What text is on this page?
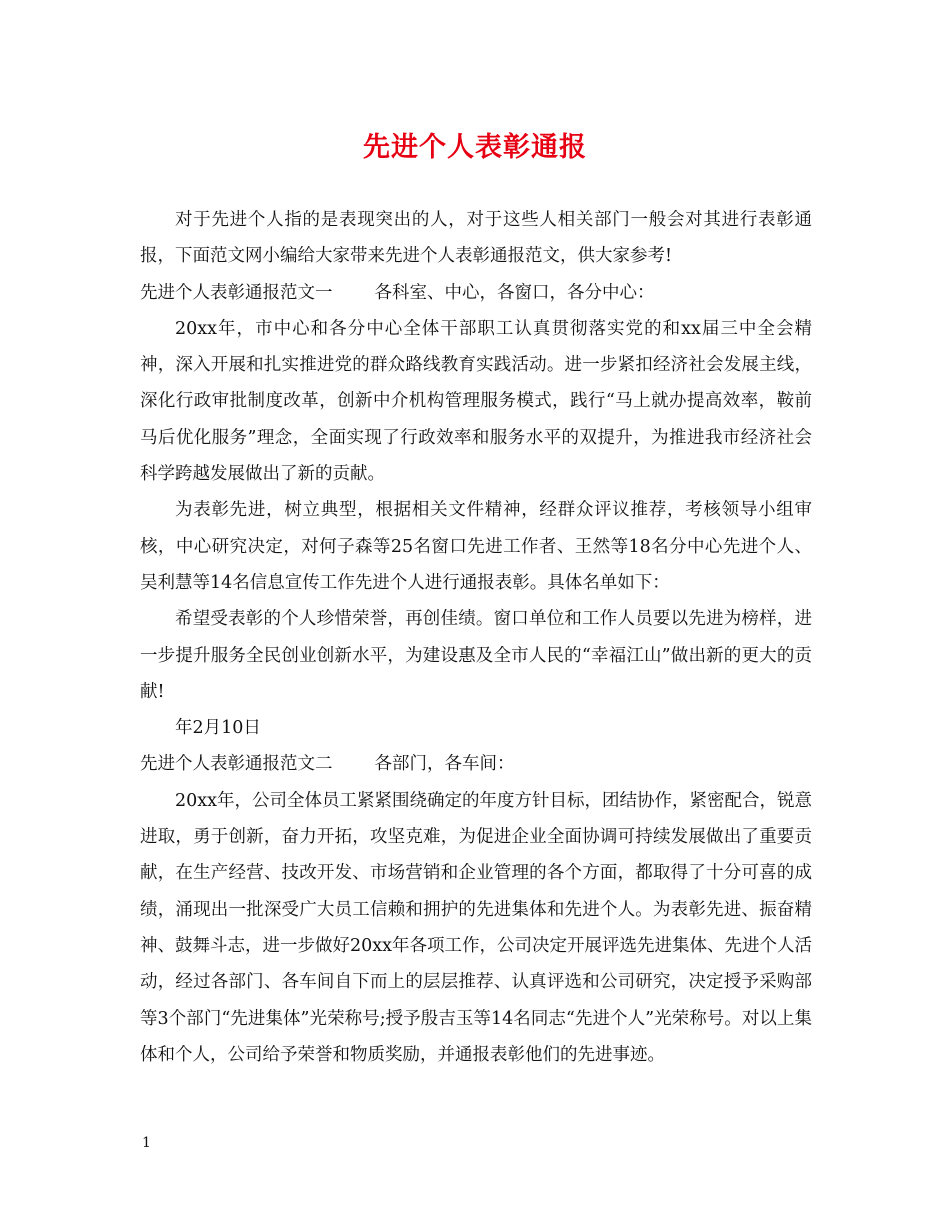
先进个人表彰通报

对于先进个人指的是表现突出的人，对于这些人相关部门一般会对其进行表彰通报，下面范文网小编给大家带来先进个人表彰通报范文，供大家参考!

先进个人表彰通报范文一 各科室、中心，各窗口，各分中心：

20xx年，市中心和各分中心全体干部职工认真贯彻落实党的和xx届三中全会精神，深入开展和扎实推进党的群众路线教育实践活动。进一步紧扣经济社会发展主线，深化行政审批制度改革，创新中介机构管理服务模式，践行“马上就办提高效率，鞍前马后优化服务”理念，全面实现了行政效率和服务水平的双提升，为推进我市经济社会科学跨越发展做出了新的贡献。

为表彰先进，树立典型，根据相关文件精神，经群众评议推荐，考核领导小组审核，中心研究决定，对何子森等25名窗口先进工作者、王然等18名分中心先进个人、吴利慧等14名信息宣传工作先进个人进行通报表彰。具体名单如下：

希望受表彰的个人珍惜荣誉，再创佳绩。窗口单位和工作人员要以先进为榜样，进一步提升服务全民创业创新水平，为建设惠及全市人民的“幸福江山”做出新的更大的贡献!

年2月10日

先进个人表彰通报范文二 各部门，各车间：

20xx年，公司全体员工紧紧围绕确定的年度方针目标，团结协作，紧密配合，锐意进取，勇于创新，奋力开拓，攻坚克难，为促进企业全面协调可持续发展做出了重要贡献，在生产经营、技改开发、市场营销和企业管理的各个方面，都取得了十分可喜的成绩，涌现出一批深受广大员工信赖和拥护的先进集体和先进个人。为表彰先进、振奋精神、鼓舞斗志，进一步做好20xx年各项工作，公司决定开展评选先进集体、先进个人活动，经过各部门、各车间自下而上的层层推荐、认真评选和公司研究，决定授予采购部等3个部门“先进集体”光荣称号;授予殷吉玉等14名同志“先进个人”光荣称号。对以上集体和个人，公司给予荣誉和物质奖励，并通报表彰他们的先进事迹。

1
